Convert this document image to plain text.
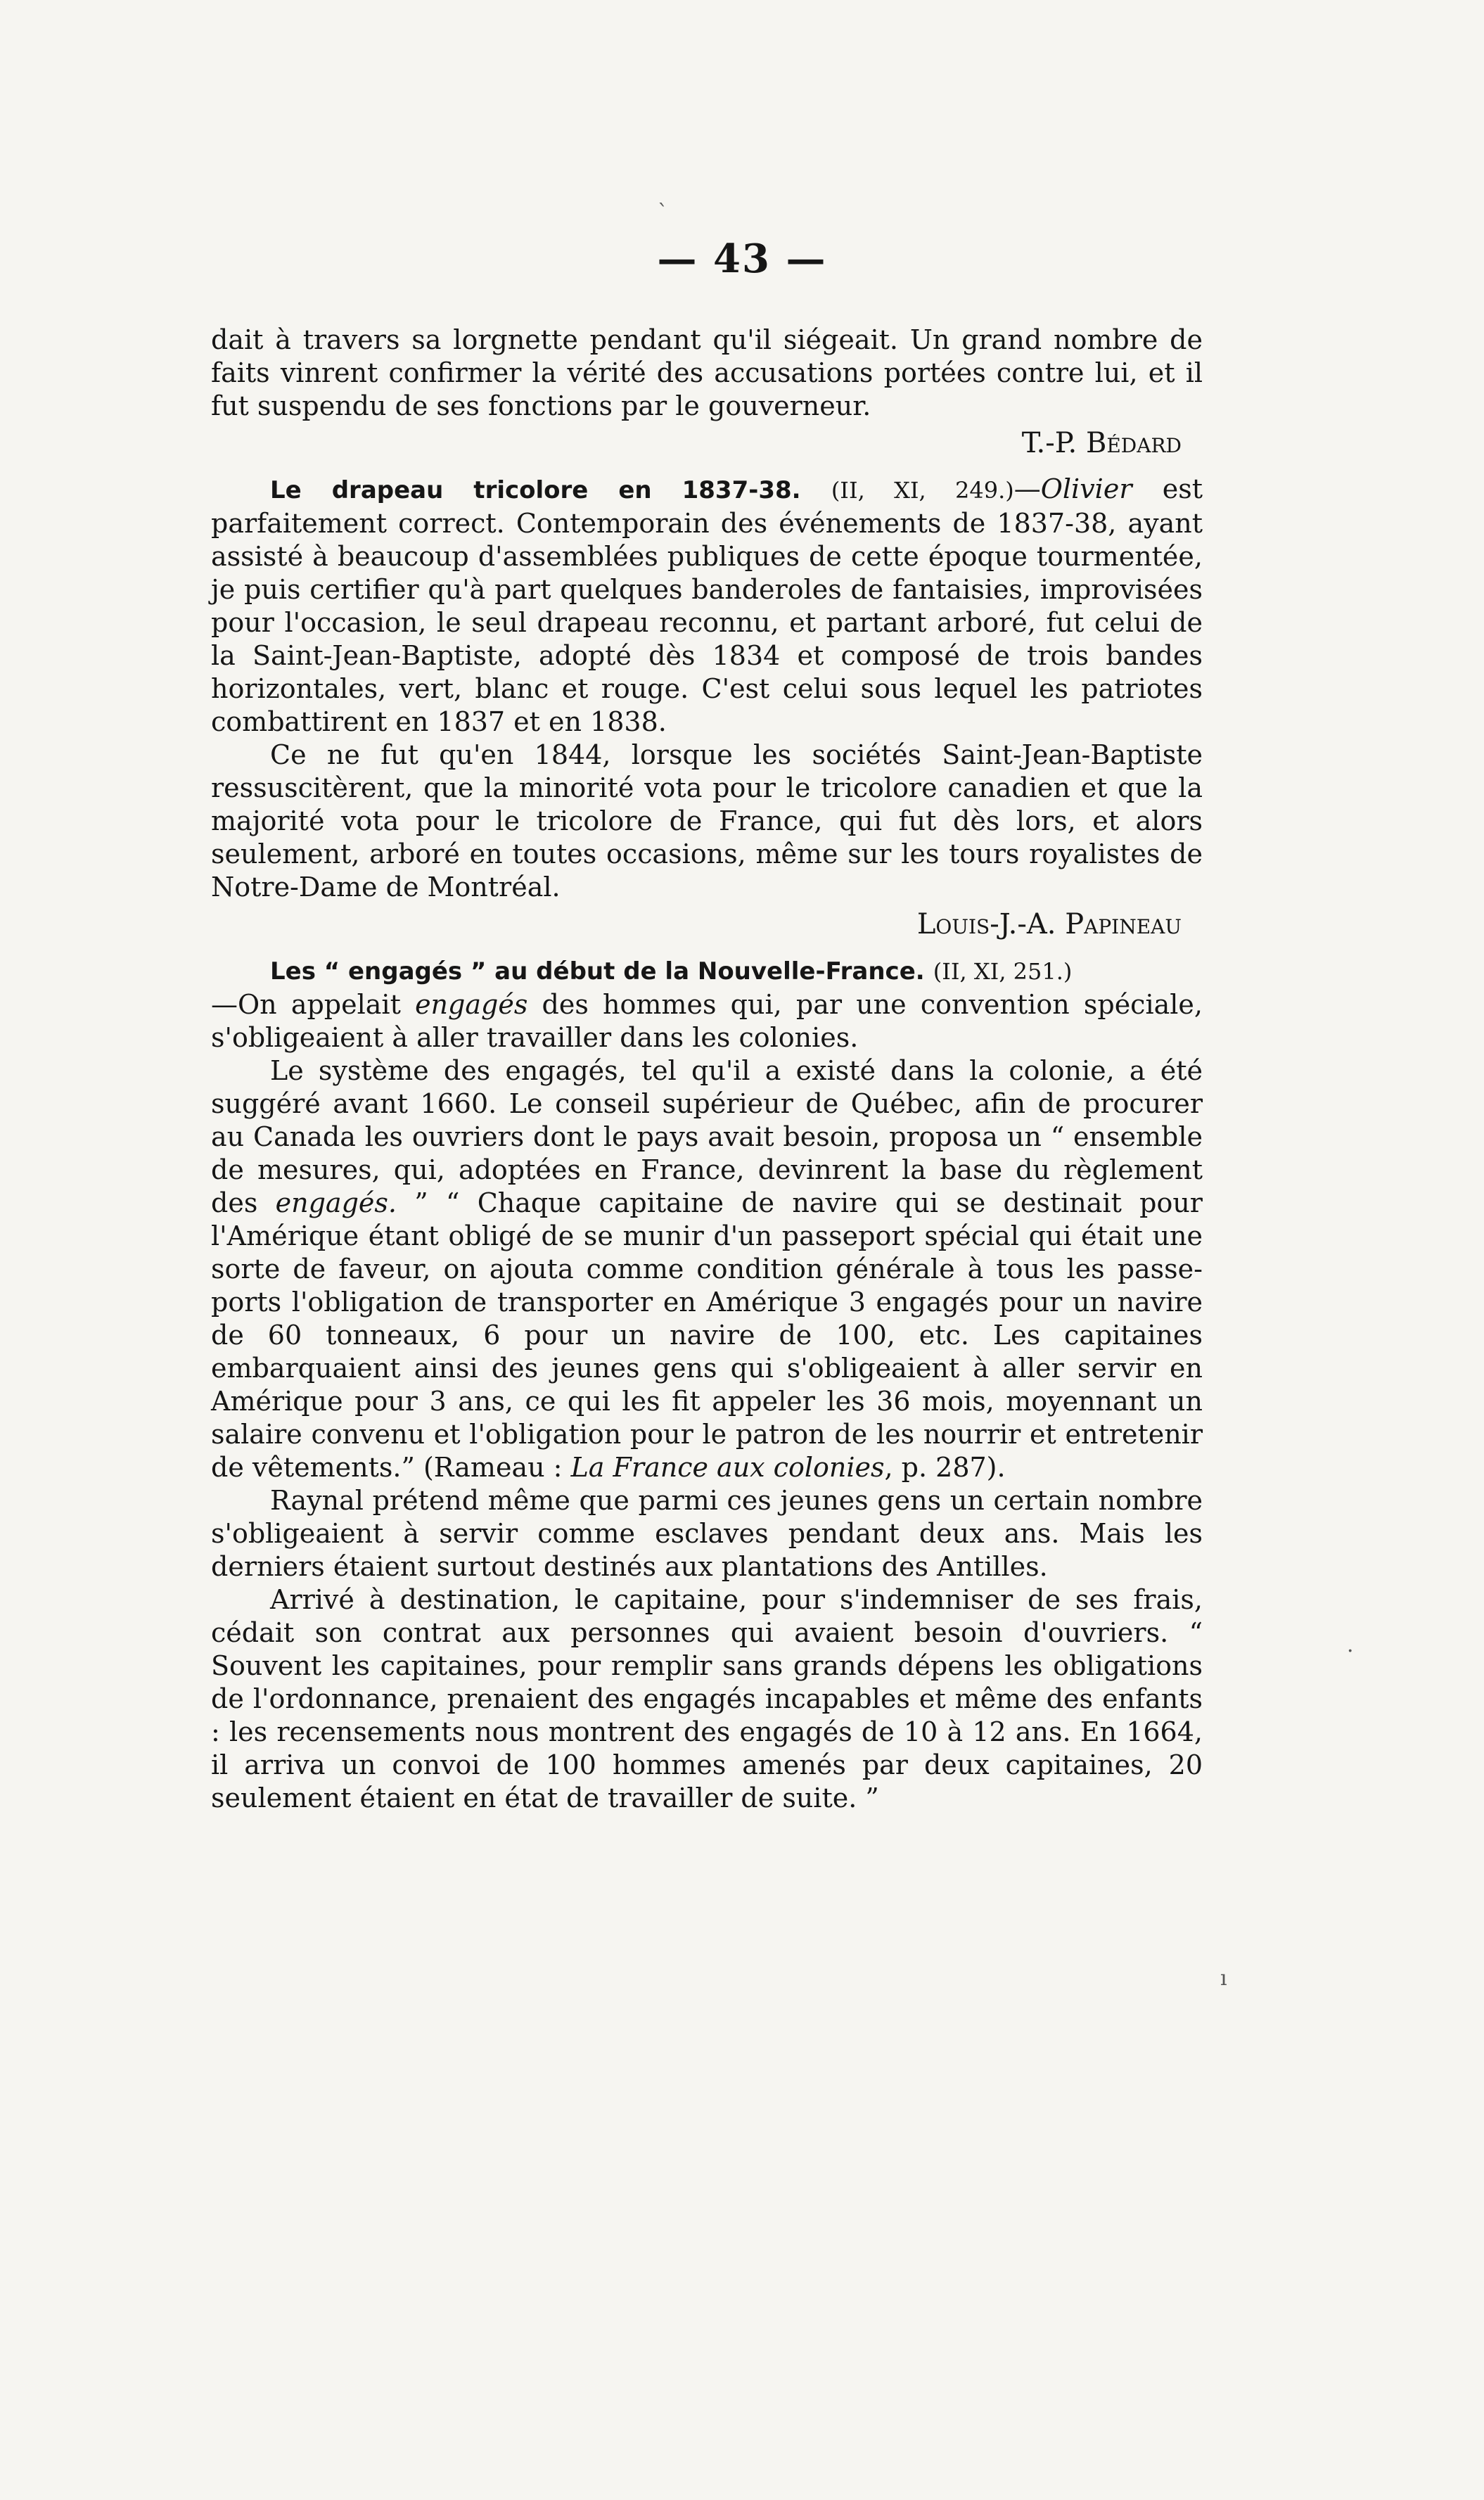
`
·
ı
— 43 —

dait à travers sa lorgnette pendant qu'il siégeait. Un grand nombre de faits vinrent confirmer la vérité des accusations portées contre lui, et il fut suspendu de ses fonctions par le gouverneur.

T.-P. Bédard

Le drapeau tricolore en 1837-38. (II, XI, 249.)—Olivier est parfaitement correct. Contemporain des événements de 1837-38, ayant assisté à beaucoup d'assemblées publiques de cette époque tourmentée, je puis certifier qu'à part quelques banderoles de fantaisies, improvisées pour l'occasion, le seul drapeau reconnu, et partant arboré, fut celui de la Saint-Jean-Baptiste, adopté dès 1834 et composé de trois bandes horizontales, vert, blanc et rouge. C'est celui sous lequel les patriotes combattirent en 1837 et en 1838.

Ce ne fut qu'en 1844, lorsque les sociétés Saint-Jean-Baptiste ressuscitèrent, que la minorité vota pour le tricolore canadien et que la majorité vota pour le tricolore de France, qui fut dès lors, et alors seulement, arboré en toutes occasions, même sur les tours royalistes de Notre-Dame de Montréal.

Louis-J.-A. Papineau

Les “ engagés ” au début de la Nouvelle-France. (II, XI, 251.)

—On appelait engagés des hommes qui, par une convention spéciale, s'obligeaient à aller travailler dans les colonies.

Le système des engagés, tel qu'il a existé dans la colonie, a été suggéré avant 1660. Le conseil supérieur de Québec, afin de procurer au Canada les ouvriers dont le pays avait besoin, proposa un “ ensemble de mesures, qui, adoptées en France, devinrent la base du règlement des engagés. ” “ Chaque capitaine de navire qui se destinait pour l'Amérique étant obligé de se munir d'un passeport spécial qui était une sorte de faveur, on ajouta comme condition générale à tous les passe-ports l'obligation de transporter en Amérique 3 engagés pour un navire de 60 tonneaux, 6 pour un navire de 100, etc. Les capitaines embarquaient ainsi des jeunes gens qui s'obligeaient à aller servir en Amérique pour 3 ans, ce qui les fit appeler les 36 mois, moyennant un salaire convenu et l'obligation pour le patron de les nourrir et entretenir de vêtements.” (Rameau : La France aux colonies, p. 287).

Raynal prétend même que parmi ces jeunes gens un certain nombre s'obligeaient à servir comme esclaves pendant deux ans. Mais les derniers étaient surtout destinés aux plantations des Antilles.

Arrivé à destination, le capitaine, pour s'indemniser de ses frais, cédait son contrat aux personnes qui avaient besoin d'ouvriers. “ Souvent les capitaines, pour remplir sans grands dépens les obligations de l'ordonnance, prenaient des engagés incapables et même des enfants : les recensements nous montrent des engagés de 10 à 12 ans. En 1664, il arriva un convoi de 100 hommes amenés par deux capitaines, 20 seulement étaient en état de travailler de suite. ”
